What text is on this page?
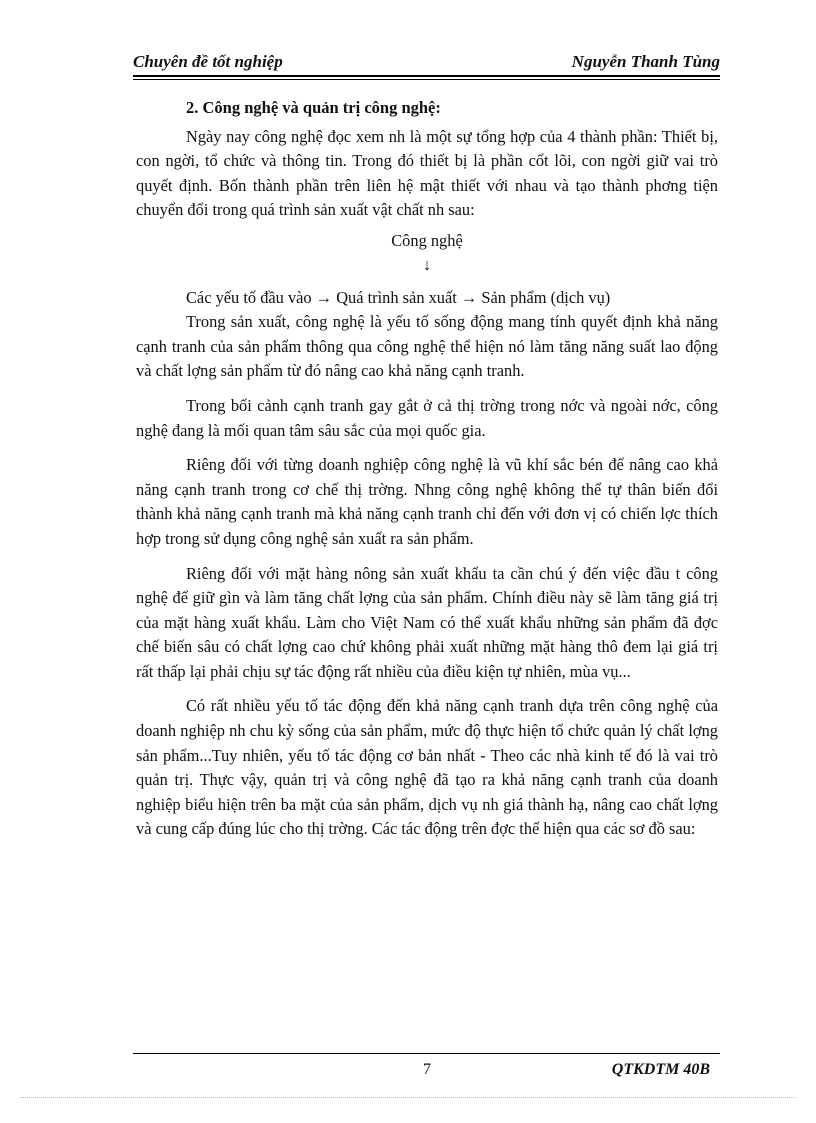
Chuyên đề tốt nghiệp	Nguyễn Thanh Tùng
2. Công nghệ và quản trị công nghệ:

Ngày nay công nghệ đọc xem nh là một sự tổng hợp của 4 thành phần: Thiết bị, con ngời, tổ chức và thông tin. Trong đó thiết bị là phần cốt lõi, con ngời giữ vai trò quyết định. Bốn thành phần trên liên hệ mật thiết với nhau và tạo thành phơng tiện chuyển đổi trong quá trình sản xuất vật chất nh sau:

Công nghệ

↓

Các yếu tố đầu vào → Quá trình sản xuất → Sản phẩm (dịch vụ)

Trong sản xuất, công nghệ là yếu tố sống động mang tính quyết định khả năng cạnh tranh của sản phẩm thông qua công nghệ thể hiện nó làm tăng năng suất lao động và chất lợng sản phẩm từ đó nâng cao khả năng cạnh tranh.

Trong bối cảnh cạnh tranh gay gắt ở cả thị trờng trong nớc và ngoài nớc, công nghệ đang là mối quan tâm sâu sắc của mọi quốc gia.

Riêng đối với từng doanh nghiệp công nghệ là vũ khí sắc bén để nâng cao khả năng cạnh tranh trong cơ chế thị trờng. Nhng công nghệ không thể tự thân biến đổi thành khả năng cạnh tranh mà khả năng cạnh tranh chỉ đến với đơn vị có chiến lợc thích hợp trong sử dụng công nghệ sản xuất ra sản phẩm.

Riêng đối với mặt hàng nông sản xuất khẩu ta cần chú ý đến việc đầu t công nghệ để giữ gìn và làm tăng chất lợng của sản phẩm. Chính điều này sẽ làm tăng giá trị của mặt hàng xuất khẩu. Làm cho Việt Nam có thể xuất khẩu những sản phẩm đã đợc chế biến sâu có chất lợng cao chứ không phải xuất những mặt hàng thô đem lại giá trị rất thấp lại phải chịu sự tác động rất nhiều của điều kiện tự nhiên, mùa vụ...

Có rất nhiều yếu tố tác động đến khả năng cạnh tranh dựa trên công nghệ của doanh nghiệp nh chu kỳ sống của sản phẩm, mức độ thực hiện tổ chức quản lý chất lợng sản phẩm...Tuy nhiên, yếu tố tác động cơ bản nhất - Theo các nhà kinh tế đó là vai trò quản trị. Thực vậy, quản trị và công nghệ đã tạo ra khả năng cạnh tranh của doanh nghiệp biểu hiện trên ba mặt của sản phẩm, dịch vụ nh giá thành hạ, nâng cao chất lợng và cung cấp đúng lúc cho thị trờng. Các tác động trên đợc thể hiện qua các sơ đồ sau:

7	QTKDTM 40B
